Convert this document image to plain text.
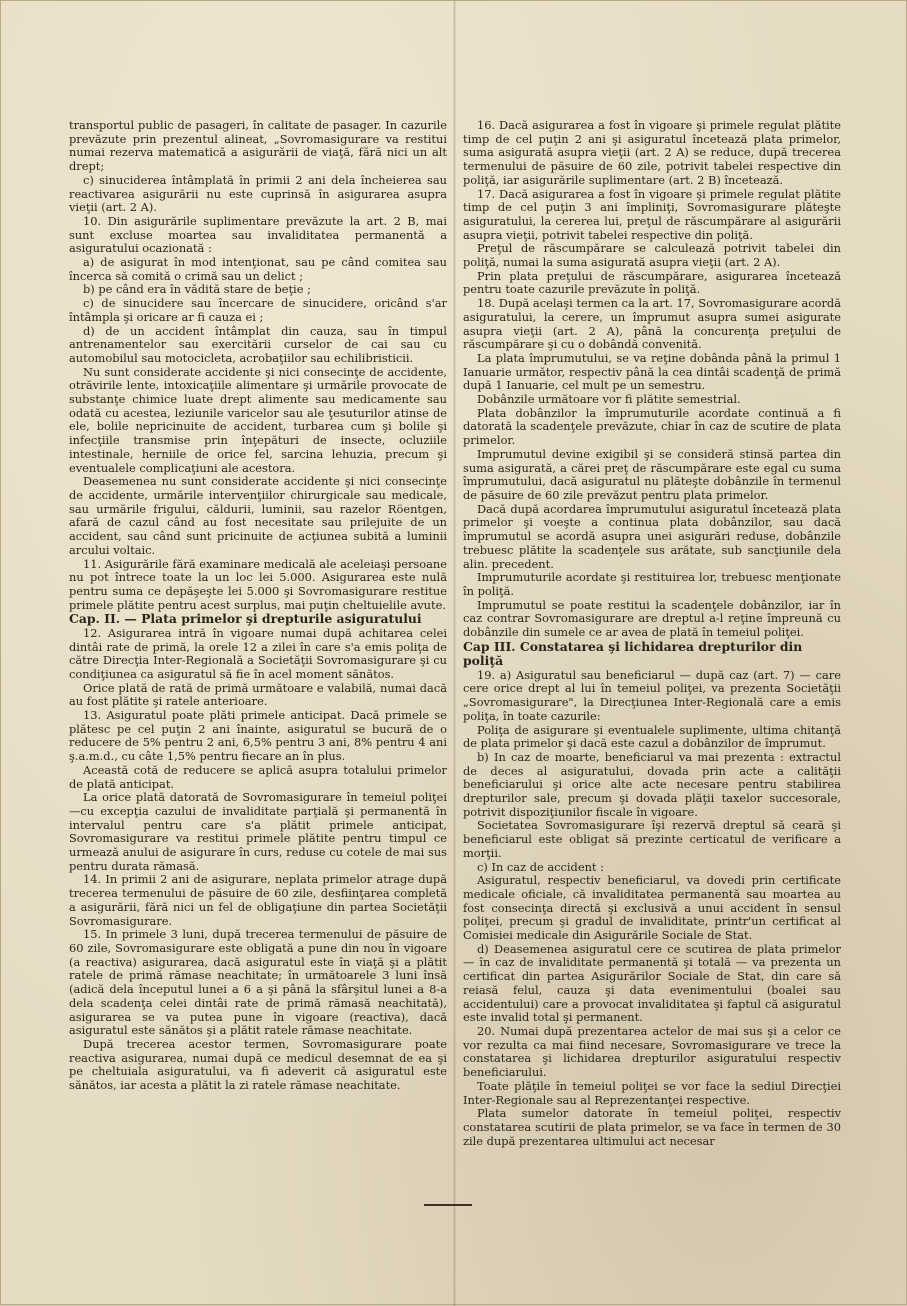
transportul public de pasageri, în calitate de pasager. In cazurile prevăzute prin prezentul alineat, „Sovromasigurare va restitui numai rezerva matematică a asigurării de viaţă, fără nici un alt drept;

c) sinuciderea întâmplată în primii 2 ani dela încheierea sau reactivarea asigurării nu este cuprinsă în asigurarea asupra vieţii (art. 2 A).

10. Din asigurările suplimentare prevăzute la art. 2 B, mai sunt excluse moartea sau invaliditatea permanentă a asiguratului ocazionată :

a) de asigurat în mod intenţionat, sau pe când comitea sau încerca să comită o crimă sau un delict ;

b) pe când era în vădită stare de beţie ;

c) de sinucidere sau încercare de sinucidere, oricând s'ar întâmpla şi oricare ar fi cauza ei ;

d) de un accident întâmplat din cauza, sau în timpul antrenamentelor sau exercitării curselor de cai sau cu automobilul sau motocicleta, acrobaţiilor sau echilibristicii.

Nu sunt considerate accidente şi nici consecinţe de accidente, otrăvirile lente, intoxicaţiile alimentare şi urmările provocate de substanţe chimice luate drept alimente sau medicamente sau odată cu acestea, leziunile varicelor sau ale ţesuturilor atinse de ele, bolile nepricinuite de accident, turbarea cum şi bolile şi infecţiile transmise prin înţepături de insecte, ocluziile intestinale, herniile de orice fel, sarcina lehuzia, precum şi eventualele complicaţiuni ale acestora.

Deasemenea nu sunt considerate accidente şi nici consecinţe de accidente, urmările intervenţiilor chirurgicale sau medicale, sau urmările frigului, căldurii, luminii, sau razelor Röentgen, afară de cazul când au fost necesitate sau prilejuite de un accident, sau când sunt pricinuite de acţiunea subită a luminii arcului voltaic.

11. Asigurările fără examinare medicală ale aceleiaşi persoane nu pot întrece toate la un loc lei 5.000. Asigurarea este nulă pentru suma ce depăşeşte lei 5.000 şi Sovromasigurare restitue primele plătite pentru acest surplus, mai puţin cheltuielile avute.

Cap. II. — Plata primelor şi drepturile asiguratului

12. Asigurarea intră în vigoare numai după achitarea celei dintâi rate de primă, la orele 12 a zilei în care s'a emis poliţa de către Direcţia Inter-Regională a Societăţii Sovromasigurare şi cu condiţiunea ca asiguratul să fie în acel moment sănătos.

Orice plată de rată de primă următoare e valabilă, numai dacă au fost plătite şi ratele anterioare.

13. Asiguratul poate plăti primele anticipat. Dacă primele se plătesc pe cel puţin 2 ani înainte, asiguratul se bucură de o reducere de 5% pentru 2 ani, 6,5% pentru 3 ani, 8% pentru 4 ani ş.a.m.d., cu câte 1,5% pentru fiecare an în plus.

Această cotă de reducere se aplică asupra totalului primelor de plată anticipat.

La orice plată datorată de Sovromasigurare în temeiul poliţei—cu excepţia cazului de invaliditate parţială şi permanentă în intervalul pentru care s'a plătit primele anticipat, Sovromasigurare va restitui primele plătite pentru timpul ce urmează anului de asigurare în curs, reduse cu cotele de mai sus pentru durata rămasă.

14. In primii 2 ani de asigurare, neplata primelor atrage după trecerea termenului de păsuire de 60 zile, desfiinţarea completă a asigurării, fără nici un fel de obligaţiune din partea Societăţii Sovromasigurare.

15. In primele 3 luni, după trecerea termenului de păsuire de 60 zile, Sovromasigurare este obligată a pune din nou în vigoare (a reactiva) asigurarea, dacă asiguratul este în viaţă şi a plătit ratele de primă rămase neachitate; în următoarele 3 luni însă (adică dela începutul lunei a 6 a şi până la sfârşitul lunei a 8-a dela scadenţa celei dintâi rate de primă rămasă neachitată), asigurarea se va putea pune în vigoare (reactiva), dacă asiguratul este sănătos şi a plătit ratele rămase neachitate.

După trecerea acestor termen, Sovromasigurare poate reactiva asigurarea, numai după ce medicul desemnat de ea şi pe cheltuiala asiguratului, va fi adeverit că asiguratul este sănătos, iar acesta a plătit la zi ratele rămase neachitate.

16. Dacă asigurarea a fost în vigoare şi primele regulat plătite timp de cel puţin 2 ani şi asiguratul încetează plata primelor, suma asigurată asupra vieţii (art. 2 A) se reduce, după trecerea termenului de păsuire de 60 zile, potrivit tabelei respective din poliţă, iar asigurările suplimentare (art. 2 B) încetează.

17. Dacă asigurarea a fost în vigoare şi primele regulat plătite timp de cel puţin 3 ani împliniţi, Sovromasigurare plăteşte asiguratului, la cererea lui, preţul de răscumpărare al asigurării asupra vieţii, potrivit tabelei respective din poliţă.

Preţul de răscumpărare se calculează potrivit tabelei din poliţă, numai la suma asigurată asupra vieţii (art. 2 A).

Prin plata preţului de răscumpărare, asigurarea încetează pentru toate cazurile prevăzute în poliţă.

18. După acelaşi termen ca la art. 17, Sovromasigurare acordă asiguratului, la cerere, un împrumut asupra sumei asigurate asupra vieţii (art. 2 A), până la concurenţa preţului de răscumpărare şi cu o dobândă convenită.

La plata împrumutului, se va reţine dobânda până la primul 1 Ianuarie următor, respectiv până la cea dintâi scadenţă de primă după 1 Ianuarie, cel mult pe un semestru.

Dobânzile următoare vor fi plătite semestrial.

Plata dobânzilor la împrumuturile acordate continuă a fi datorată la scadenţele prevăzute, chiar în caz de scutire de plata primelor.

Imprumutul devine exigibil şi se consideră stinsă partea din suma asigurată, a cărei preţ de răscumpărare este egal cu suma împrumutului, dacă asiguratul nu plăteşte dobânzile în termenul de păsuire de 60 zile prevăzut pentru plata primelor.

Dacă după acordarea împrumutului asiguratul încetează plata primelor şi voeşte a continua plata dobânzilor, sau dacă împrumutul se acordă asupra unei asigurări reduse, dobânzile trebuesc plătite la scadenţele sus arătate, sub sancţiunile dela alin. precedent.

Imprumuturile acordate şi restituirea lor, trebuesc menţionate în poliţă.

Imprumutul se poate restitui la scadenţele dobânzilor, iar în caz contrar Sovromasigurare are dreptul a-l reţine împreună cu dobânzile din sumele ce ar avea de plată în temeiul poliţei.

Cap III. Constatarea şi lichidarea drepturilor din poliţă

19. a) Asiguratul sau beneficiarul — după caz (art. 7) — care cere orice drept al lui în temeiul poliţei, va prezenta Societăţii „Sovromasigurare", la Direcţiunea Inter-Regională care a emis poliţa, în toate cazurile:

Poliţa de asigurare şi eventualele suplimente, ultima chitanţă de plata primelor şi dacă este cazul a dobânzilor de împrumut.

b) In caz de moarte, beneficiarul va mai prezenta : extractul de deces al asiguratului, dovada prin acte a calităţii beneficiarului şi orice alte acte necesare pentru stabilirea drepturilor sale, precum şi dovada plăţii taxelor succesorale, potrivit dispoziţiunilor fiscale în vigoare.

Societatea Sovromasigurare îşi rezervă dreptul să ceară şi beneficiarul este obligat să prezinte certicatul de verificare a morţii.

c) In caz de accident :

Asiguratul, respectiv beneficiarul, va dovedi prin certificate medicale oficiale, că invaliditatea permanentă sau moartea au fost consecinţa directă şi exclusivă a unui accident în sensul poliţei, precum şi gradul de invaliditate, printr'un certificat al Comisiei medicale din Asigurările Sociale de Stat.

d) Deasemenea asiguratul cere ce scutirea de plata primelor — în caz de invaliditate permanentă şi totală — va prezenta un certificat din partea Asigurărilor Sociale de Stat, din care să reiasă felul, cauza şi data evenimentului (boalei sau accidentului) care a provocat invaliditatea şi faptul că asiguratul este invalid total şi permanent.

20. Numai după prezentarea actelor de mai sus şi a celor ce vor rezulta ca mai fiind necesare, Sovromasigurare ve trece la constatarea şi lichidarea drepturilor asiguratului respectiv beneficiarului.

Toate plăţile în temeiul poliţei se vor face la sediul Direcţiei Inter-Regionale sau al Reprezentanţei respective.

Plata sumelor datorate în temeiul poliţei, respectiv constatarea scutirii de plata primelor, se va face în termen de 30 zile după prezentarea ultimului act necesar
